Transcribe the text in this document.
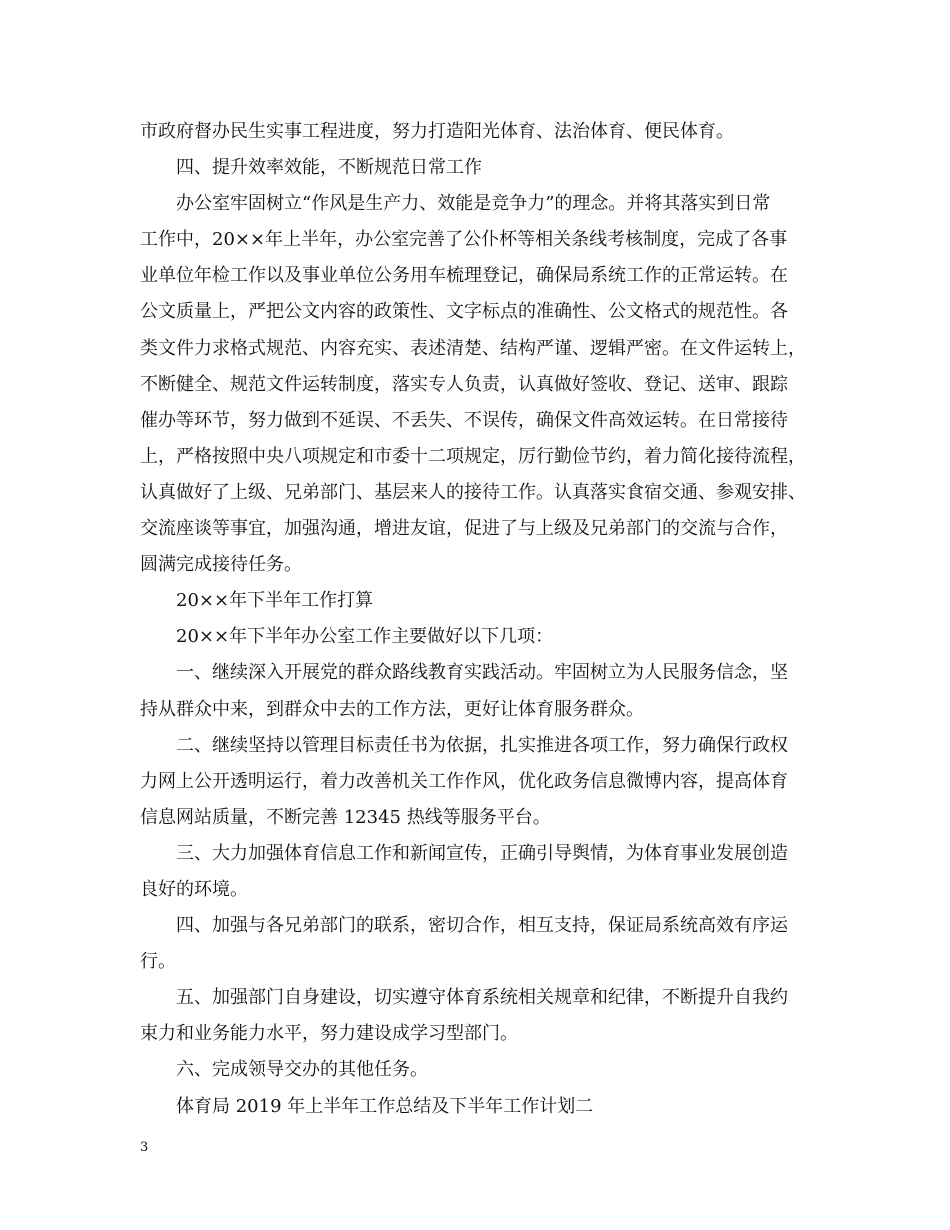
市政府督办民生实事工程进度，努力打造阳光体育、法治体育、便民体育。
四、提升效率效能，不断规范日常工作
办公室牢固树立“作风是生产力、效能是竞争力”的理念。并将其落实到日常
工作中，20××年上半年，办公室完善了公仆杯等相关条线考核制度，完成了各事
业单位年检工作以及事业单位公务用车梳理登记，确保局系统工作的正常运转。在
公文质量上，严把公文内容的政策性、文字标点的准确性、公文格式的规范性。各
类文件力求格式规范、内容充实、表述清楚、结构严谨、逻辑严密。在文件运转上，
不断健全、规范文件运转制度，落实专人负责，认真做好签收、登记、送审、跟踪
催办等环节，努力做到不延误、不丢失、不误传，确保文件高效运转。在日常接待
上，严格按照中央八项规定和市委十二项规定，厉行勤俭节约，着力简化接待流程，
认真做好了上级、兄弟部门、基层来人的接待工作。认真落实食宿交通、参观安排、
交流座谈等事宜，加强沟通，增进友谊，促进了与上级及兄弟部门的交流与合作，
圆满完成接待任务。
20××年下半年工作打算
20××年下半年办公室工作主要做好以下几项：
一、继续深入开展党的群众路线教育实践活动。牢固树立为人民服务信念，坚
持从群众中来，到群众中去的工作方法，更好让体育服务群众。
二、继续坚持以管理目标责任书为依据，扎实推进各项工作，努力确保行政权
力网上公开透明运行，着力改善机关工作作风，优化政务信息微博内容，提高体育
信息网站质量，不断完善 12345 热线等服务平台。
三、大力加强体育信息工作和新闻宣传，正确引导舆情，为体育事业发展创造
良好的环境。
四、加强与各兄弟部门的联系，密切合作，相互支持，保证局系统高效有序运
行。
五、加强部门自身建设，切实遵守体育系统相关规章和纪律，不断提升自我约
束力和业务能力水平，努力建设成学习型部门。
六、完成领导交办的其他任务。
体育局 2019 年上半年工作总结及下半年工作计划二
3
